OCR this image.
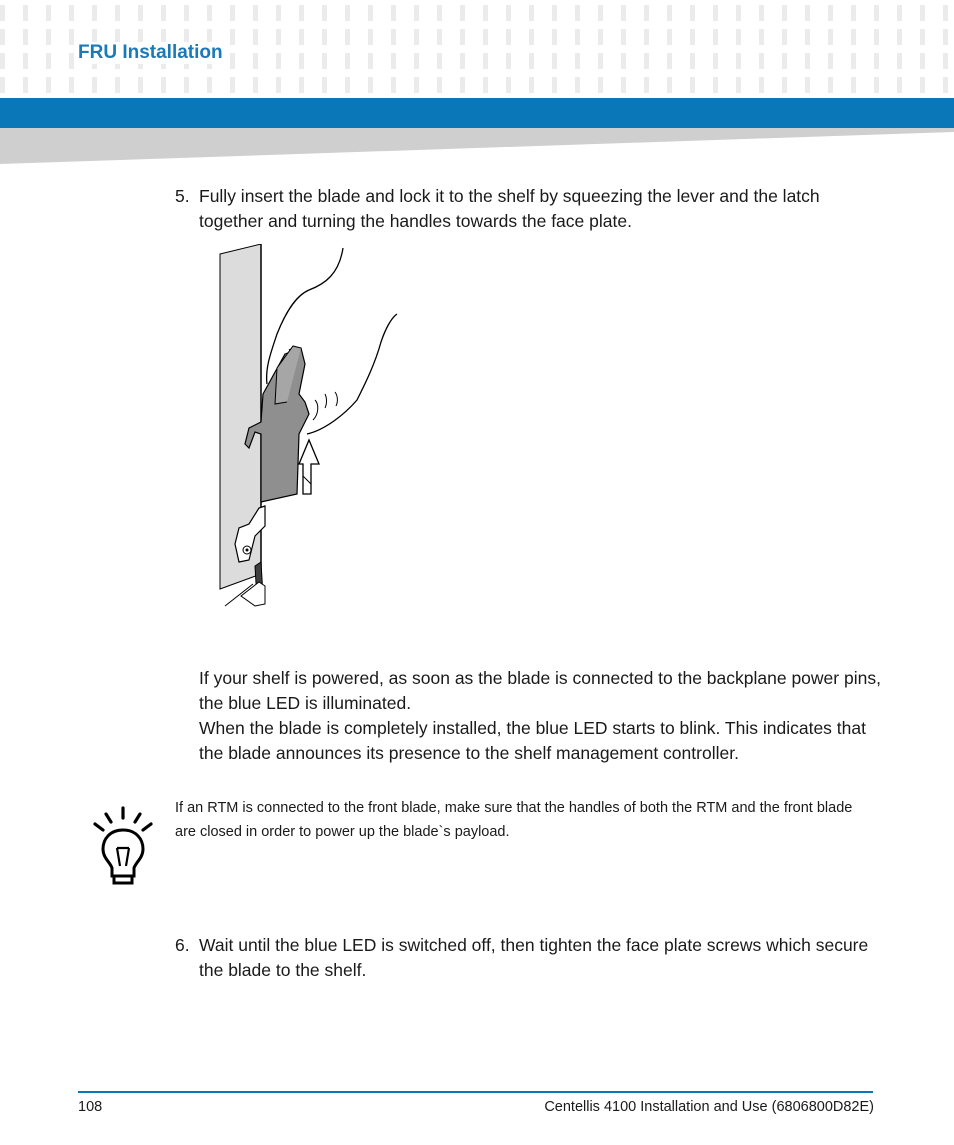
FRU Installation
5. Fully insert the blade and lock it to the shelf by squeezing the lever and the latch together and turning the handles towards the face plate.
If your shelf is powered, as soon as the blade is connected to the backplane power pins, the blue LED is illuminated.
When the blade is completely installed, the blue LED starts to blink. This indicates that the blade announces its presence to the shelf management controller.
If an RTM is connected to the front blade, make sure that the handles of both the RTM and the front blade are closed in order to power up the blade`s payload.
6. Wait until the blue LED is switched off, then tighten the face plate screws which secure the blade to the shelf.
108	Centellis 4100 Installation and Use (6806800D82E)
